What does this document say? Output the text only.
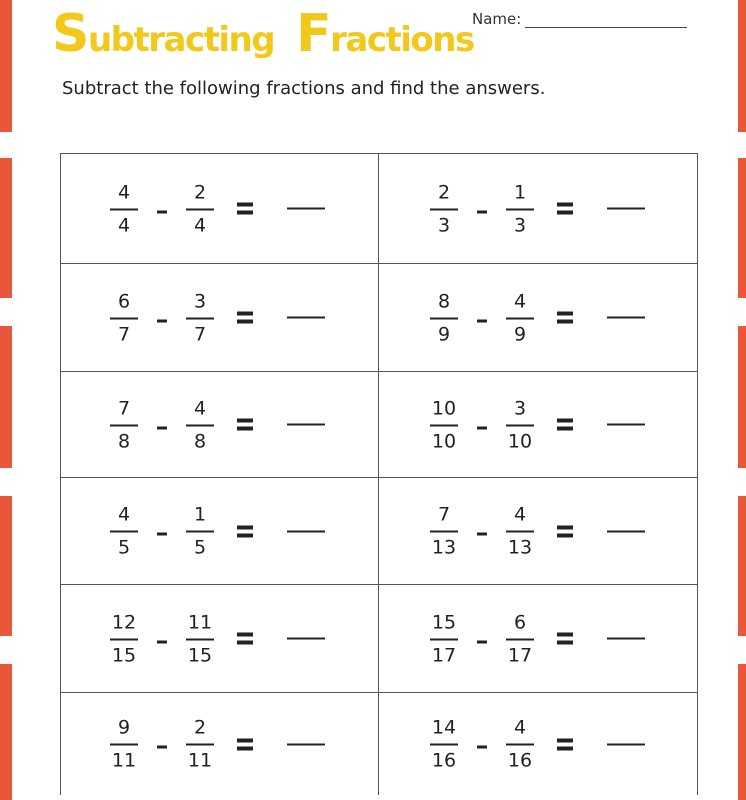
Subtracting Fractions
Name:

Subtract the following fractions and find the answers.

$\frac{4}{4} \frac{2}{4}$	$\frac{2}{3} \frac{1}{3}$
$\frac{6}{7} \frac{3}{7}$	$\frac{8}{9} \frac{4}{9}$
$\frac{7}{8} \frac{4}{8}$	$\frac{10}{10} \frac{3}{10}$
$\frac{4}{5} \frac{1}{5}$	$\frac{7}{13} \frac{4}{13}$
$\frac{12}{15} \frac{11}{15}$	$\frac{15}{17} \frac{6}{17}$
$\frac{9}{11} \frac{2}{11}$	$\frac{14}{16} \frac{4}{16}$
